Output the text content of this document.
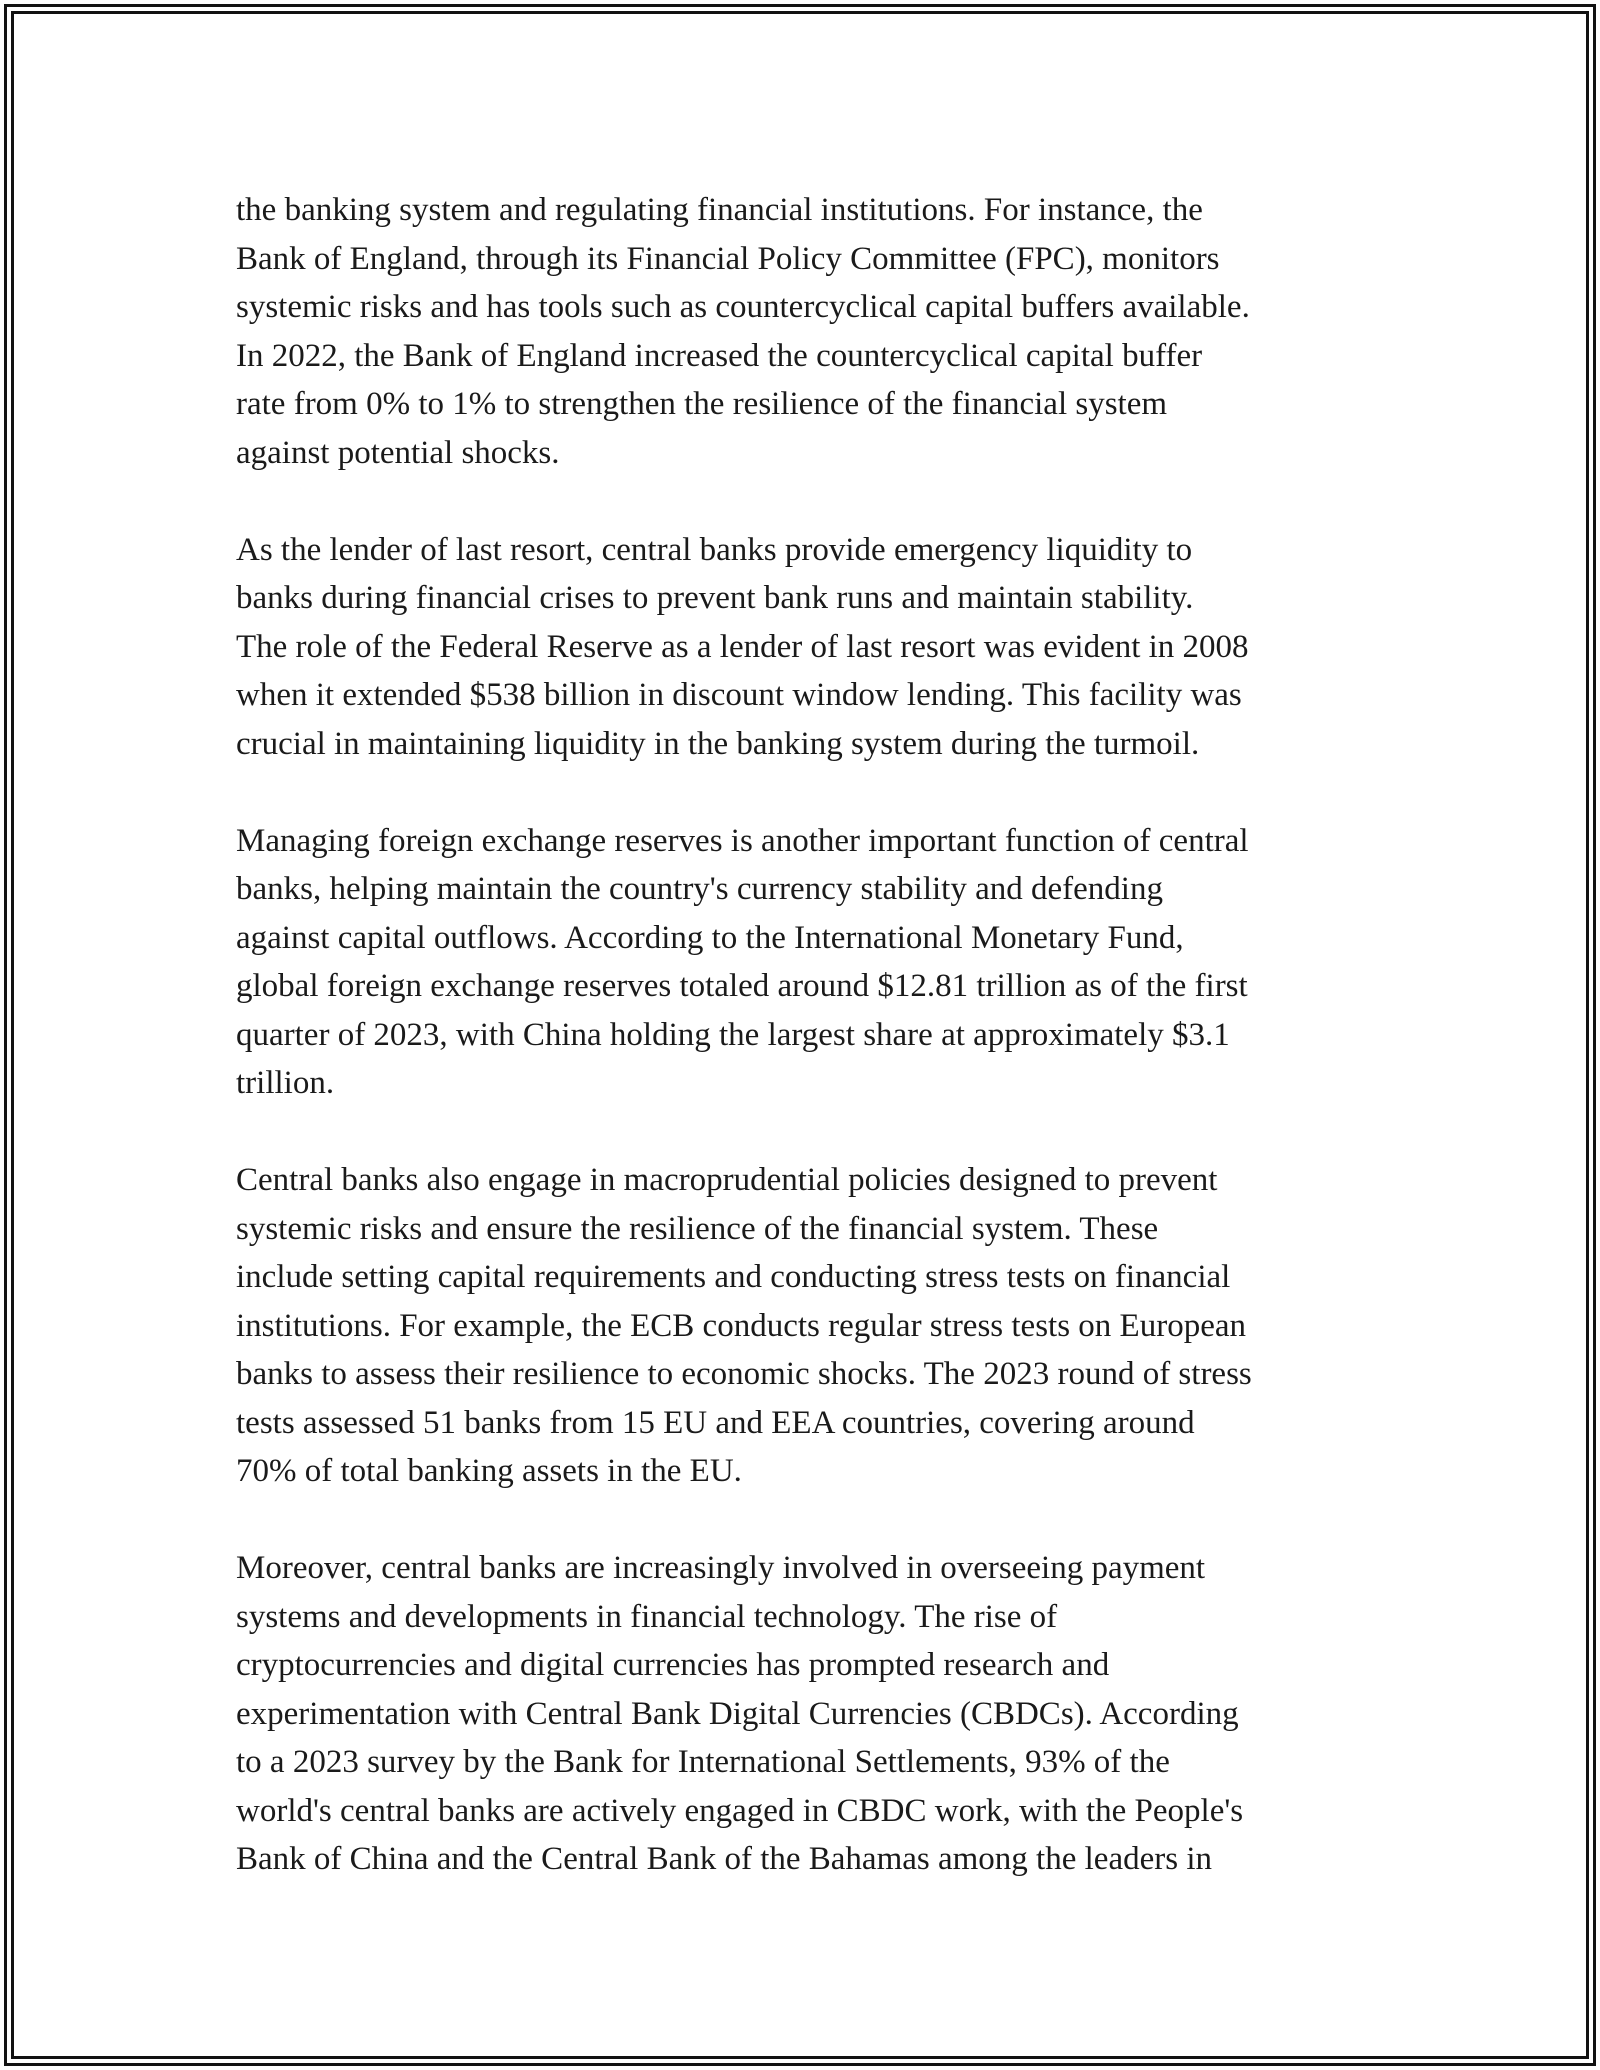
the banking system and regulating financial institutions. For instance, the
Bank of England, through its Financial Policy Committee (FPC), monitors
systemic risks and has tools such as countercyclical capital buffers available.
In 2022, the Bank of England increased the countercyclical capital buffer
rate from 0% to 1% to strengthen the resilience of the financial system
against potential shocks.

As the lender of last resort, central banks provide emergency liquidity to
banks during financial crises to prevent bank runs and maintain stability.
The role of the Federal Reserve as a lender of last resort was evident in 2008
when it extended $538 billion in discount window lending. This facility was
crucial in maintaining liquidity in the banking system during the turmoil.

Managing foreign exchange reserves is another important function of central
banks, helping maintain the country's currency stability and defending
against capital outflows. According to the International Monetary Fund,
global foreign exchange reserves totaled around $12.81 trillion as of the first
quarter of 2023, with China holding the largest share at approximately $3.1
trillion.

Central banks also engage in macroprudential policies designed to prevent
systemic risks and ensure the resilience of the financial system. These
include setting capital requirements and conducting stress tests on financial
institutions. For example, the ECB conducts regular stress tests on European
banks to assess their resilience to economic shocks. The 2023 round of stress
tests assessed 51 banks from 15 EU and EEA countries, covering around
70% of total banking assets in the EU.

Moreover, central banks are increasingly involved in overseeing payment
systems and developments in financial technology. The rise of
cryptocurrencies and digital currencies has prompted research and
experimentation with Central Bank Digital Currencies (CBDCs). According
to a 2023 survey by the Bank for International Settlements, 93% of the
world's central banks are actively engaged in CBDC work, with the People's
Bank of China and the Central Bank of the Bahamas among the leaders in
